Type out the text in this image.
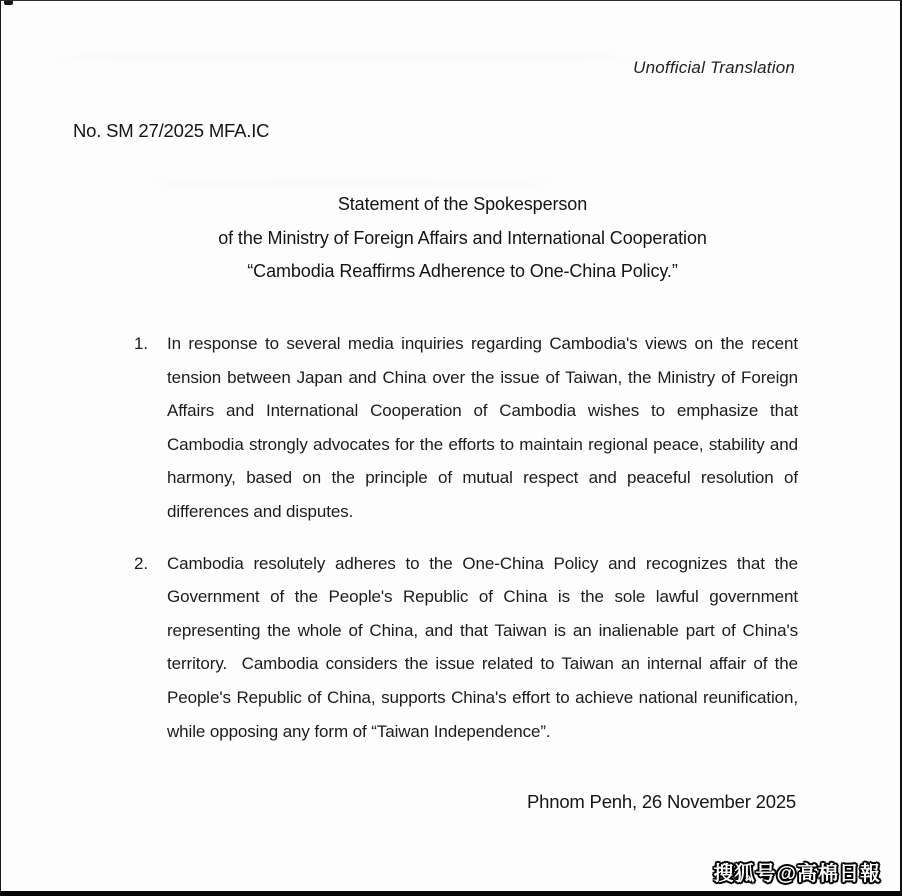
Unofficial Translation
No. SM 27/2025 MFA.IC
Statement of the Spokesperson
of the Ministry of Foreign Affairs and International Cooperation
“Cambodia Reaffirms Adherence to One-China Policy.”
1. In response to several media inquiries regarding Cambodia's views on the recent tension between Japan and China over the issue of Taiwan, the Ministry of Foreign Affairs and International Cooperation of Cambodia wishes to emphasize that Cambodia strongly advocates for the efforts to maintain regional peace, stability and harmony, based on the principle of mutual respect and peaceful resolution of differences and disputes.
2. Cambodia resolutely adheres to the One-China Policy and recognizes that the Government of the People's Republic of China is the sole lawful government representing the whole of China, and that Taiwan is an inalienable part of China's territory.  Cambodia considers the issue related to Taiwan an internal affair of the People's Republic of China, supports China's effort to achieve national reunification, while opposing any form of “Taiwan Independence”.
Phnom Penh, 26 November 2025
搜狐号@高棉日報
